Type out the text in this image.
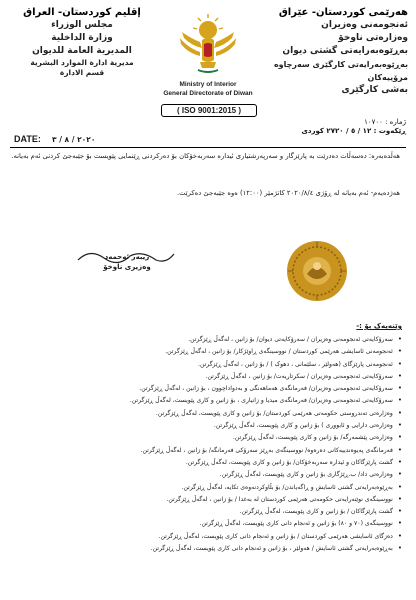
هەرێمی کوردستان- عێراق
ئەنجومەنی وەزیران
وەزارەتی ناوخۆ
بەڕێوەبەرایەتی گشتی دیوان
بەڕێوەبەرایەتی کارگێری سەرچاوە مرۆییەکان
بەشی کارگێری
إقليم كوردستان- العراق
مجلس الوزراء
وزارة الداخلية
المديرية العامة للديوان
مديرية ادارة الموارد البشرية
قسم الادارة
Ministry of Interior
General Directorate of Diwan
( ISO 9001:2015 )
ژمارە : ١٠٧٠٠
ڕێکەوت : ١٢ / ٥ / ٢٧٢٠ کوردی
DATE: ٢٠٢٠ / ٨ / ٣
هەڵدەبەرە: دەسەڵات دەدرێت بە پارێزگار و سەرپەرشتیاری ئیدارە سەربەخۆکان بۆ دەرکردنی ڕێنمایی پێویست بۆ جێبەجێ کردنی ئەم بەیانە.
هەژدەیەم- ئەم بەیانە لە ڕۆژی ٢٠٢٠/٨/٤ کاتژمێر (١٢:٠٠) ەوە جێبەجێ دەکرێت.
ریبەر ئەحمەد
وەزیری ناوخۆ
وێنەیەک بۆ :-
• سەرۆکایەتی ئەنجومەنی وەزیران / سەرۆکایەتی دیوان/ بۆ زانین ، لەگەڵ ڕێزگرتن.
• ئەنجومەنی ئاسایشی هەرێمی کوردستان / نووسینگەی ڕاوێژکار/ بۆ زانین ، لەگەڵ ڕێزگرتن.
• ئەنجومەنی پارێزگای (هەولێر ، سلێمانی ، دهوک ) / بۆ زانین ، لەگەڵ ڕێزگرتن.
• سەرۆکایەتی ئەنجومەنی وەزیران / سکرتاریەت/ بۆ زانین ، لەگەڵ ڕێزگرتن.
• سەرۆکایەتی ئەنجومەنی وەزیران/ فەرمانگەی هەماهەنگی و بەدواداچوون ، بۆ زانین ، لەگەڵ ڕێزگرتن.
• سەرۆکایەتی ئەنجومەنی وەزیران/ فەرمانگەی میدیا و زانیاری ، بۆ زانین و کاری پێویست، لەگەڵ ڕێزگرتن.
• وەزارەتی تەندروستی حکومەتی هەرێمی کوردستان/ بۆ زانین و کاری پێویست، لەگەڵ ڕێزگرتن.
• وەزارەتی دارایی و ئابووری ) بۆ زانین و کاری پێویست، لەگەڵ ڕێزگرتن.
• وەزارەتی پێشمەرگە/ بۆ زانین و کاری پێویست، لەگەڵ ڕێزگرتن.
• فەرمانگەی پەیوەندییەکانی دەرەوە/ نووسینگەی بەڕێز سەرۆکی فەرمانگە/ بۆ زانین ، لەگەڵ ڕێزگرتن.
• گشت پارێزگاکان و ئیدارە سەربەخۆکان/ بۆ زانین و کاری پێویست، لەگەڵ ڕێزگرتن.
• وەزارەتی داد/ ب.ڕێژگاری بۆ زانین و کاری پێویست، لەگەڵ ڕێزگرتن.
• بەڕێوەبەرایەتی گشتی ئاسایش و ڕاگەیاندن/ بۆ بڵاوکردنەوەی تکایە، لەگەڵ ڕێزگرتن.
• نووسینگەی نوێنەرایەتی حکومەتی هەرێمی کوردستان لە بەغدا / بۆ زانین ، لەگەڵ ڕێزگرتن.
• گشت پارێزگاکان / بۆ زانین و کاری پێویست، لەگەڵ ڕێزگرتن.
• نووسینگەی (٧٠ و ٨٠) بۆ زانین و ئەنجام دانی کاری پێویست، لەگەڵ ڕێزگرتن.
• دەزگای ئاسایشی هەرێمی کوردستان / بۆ زانین و ئەنجام دانی کاری پێویست، لەگەڵ ڕێزگرتن.
• بەڕێوەبەرایەتی گشتی ئاسایش / هەولێر ، بۆ زانین و ئەنجام دانی کاری پێویست، لەگەڵ ڕێزگرتن.
